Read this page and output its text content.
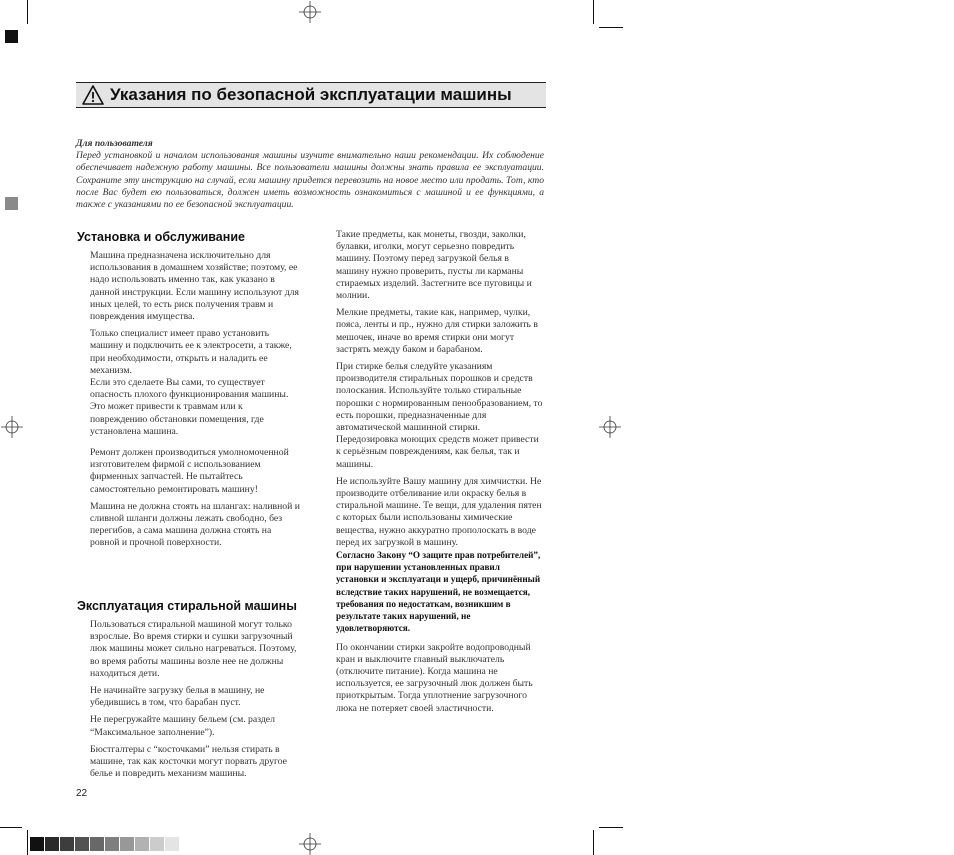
Указания по безопасной эксплуатации машины
Для пользователя
Перед установкой и началом использования машины изучите внимательно наши рекомендации. Их соблюдение обеспечивает надежную работу машины. Все пользователи машины должны знать правила ее эксплуатации. Сохраните эту инструкцию на случай, если машину придется перевозить на новое место или продать. Тот, кто после Вас будет ею пользоваться, должен иметь возможность ознакомиться с машиной и ее функциями, а также с указаниями по ее безопасной эксплуатации.
Установка и обслуживание

Машина предназначена исключительно для использования в домашнем хозяйстве; поэтому, ее надо использовать именно так, как указано в данной инструкции. Если машину используют для иных целей, то есть риск получения травм и повреждения имущества.

Только специалист имеет право установить машину и подключить ее к электросети, а также, при необходимости, открыть и наладить ее механизм.

Если это сделаете Вы сами, то существует опасность плохого функционирования машины. Это может привести к травмам или к повреждению обстановки помещения, где установлена машина.

Ремонт должен производиться умолномоченной изготовителем фирмой с использованием фирменных запчастей. Не пытайтесь самостоятельно ремонтировать машину!

Машина не должна стоять на шлангах: наливной и сливной шланги должны лежать свободно, без перегибов, а сама машина должна стоять на ровной и прочной поверхности.

Эксплуатация стиральной машины

Пользоваться стиральной машиной могут только взрослые. Во время стирки и сушки загрузочный люк машины может сильно нагреваться. Поэтому, во время работы машины возле нее не должны находиться дети.

Не начинайте загрузку белья в машину, не убедившись в том, что барабан пуст.

Не перегружайте машину бельем (см. раздел “Максимальное заполнение”).

Бюстгалтеры с “косточками” нельзя стирать в машине, так как косточки могут порвать другое белье и повредить механизм машины.

Такие предметы, как монеты, гвозди, заколки, булавки, иголки, могут серьезно повредить машину. Поэтому перед загрузкой белья в машину нужно проверить, пусты ли карманы стираемых изделий. Застегните все пуговицы и молнии.

Мелкие предметы, такие как, например, чулки, пояса, ленты и пр., нужно для стирки заложить в мешочек, иначе во время стирки они могут застрять между баком и барабаном.

При стирке белья следуйте указаниям производителя стиральных порошков и средств полоскания. Используйте только стиральные порошки с нормированным пенообразованием, то есть порошки, предназначенные для автоматической машинной стирки. Передозировка моющих средств может привести к серьёзным повреждениям, как белья, так и машины.

Не используйте Вашу машину для химчистки. Не производите отбеливание или окраску белья в стиральной машине. Те вещи, для удаления пятен с которых были использованы химические вещества, нужно аккуратно прополоскать в воде перед их загрузкой в машину.

Согласно Закону “О защите прав потребителей”, при нарушении установленных правил установки и эксплуатаци и ущерб, причинённый вследствие таких нарушений, не возмещается, требования по недостаткам, возникшим в результате таких нарушений, не удовлетворяются.

По окончании стирки закройте водопроводный кран и выключите главный выключатель (отключите питание). Когда машина не используется, ее загрузочный люк должен быть приоткрытым. Тогда уплотнение загрузочного люка не потеряет своей эластичности.

22
